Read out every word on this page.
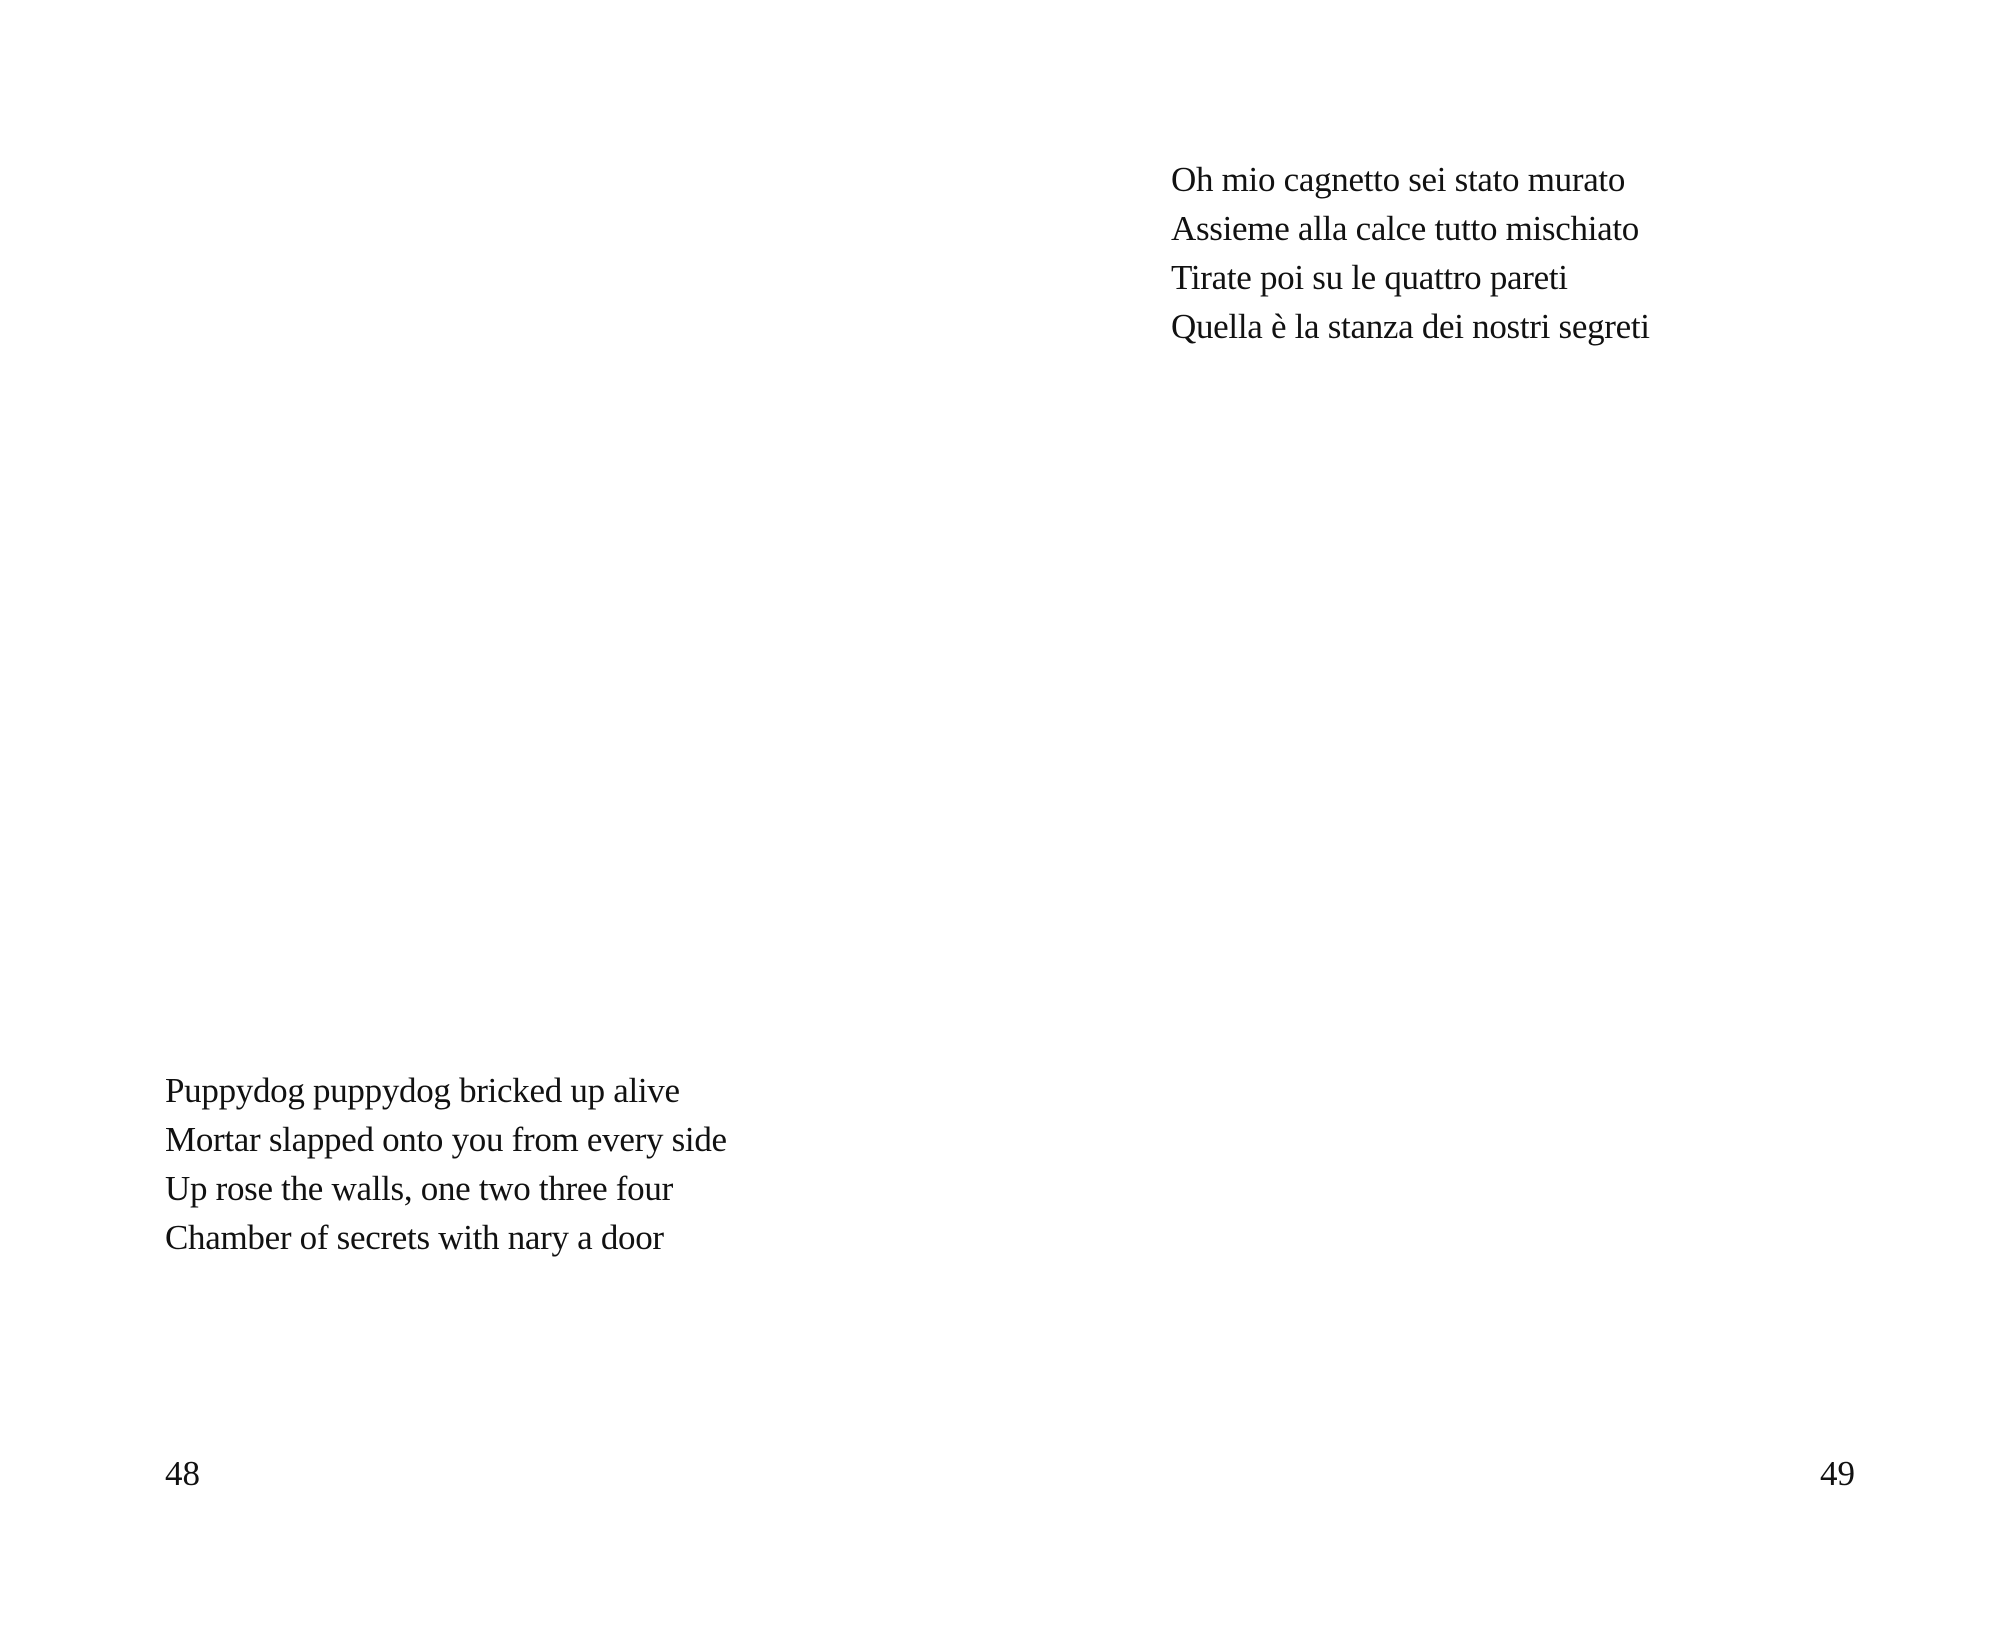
Puppydog puppydog bricked up alive
Mortar slapped onto you from every side
Up rose the walls, one two three four
Chamber of secrets with nary a door

48

Oh mio cagnetto sei stato murato
Assieme alla calce tutto mischiato
Tirate poi su le quattro pareti
Quella è la stanza dei nostri segreti

49
